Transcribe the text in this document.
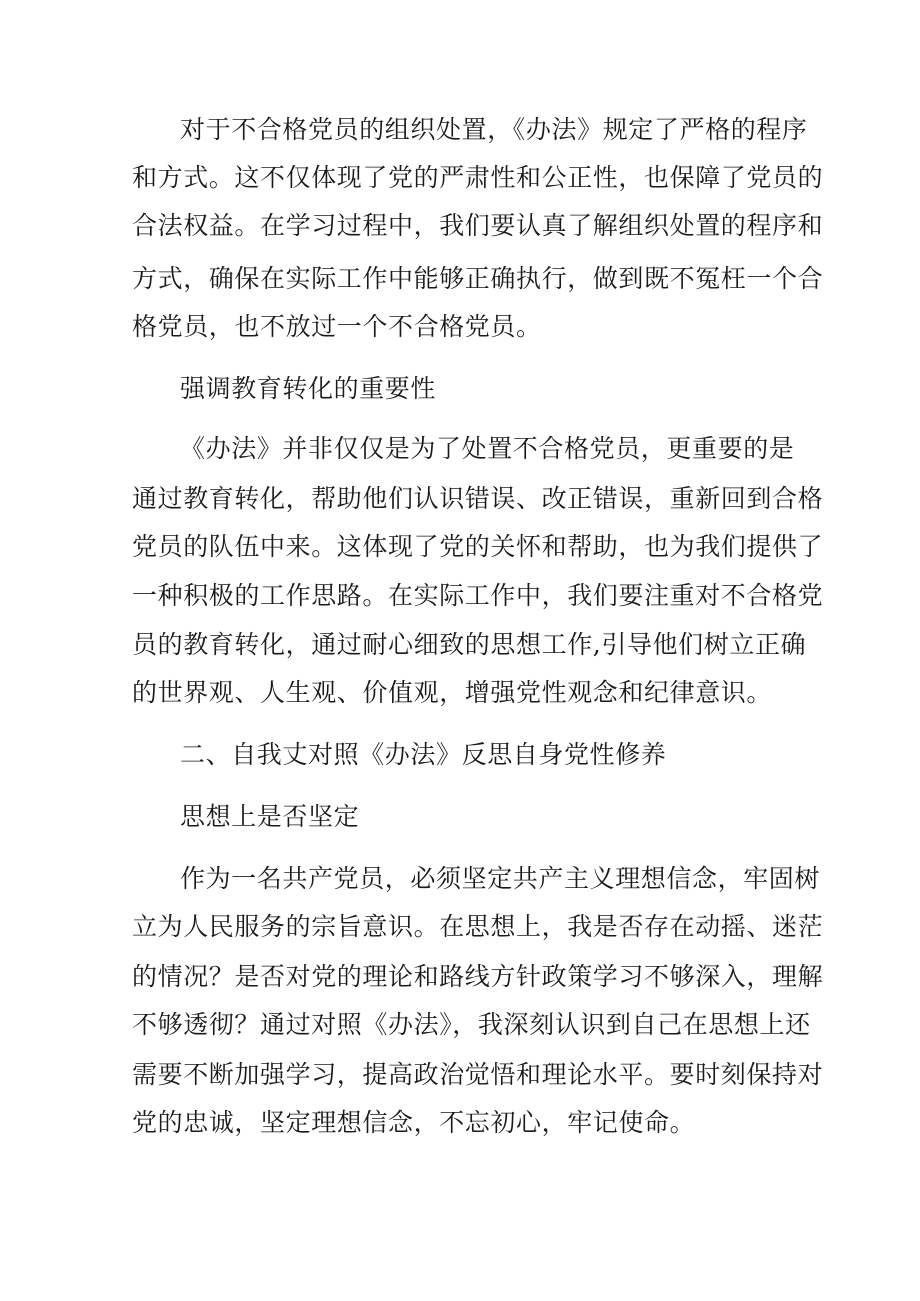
对于不合格党员的组织处置，《办法》规定了严格的程序
和方式。这不仅体现了党的严肃性和公正性，也保障了党员的
合法权益。在学习过程中，我们要认真了解组织处置的程序和
方式，确保在实际工作中能够正确执行，做到既不冤枉一个合
格党员，也不放过一个不合格党员。
强调教育转化的重要性
《办法》并非仅仅是为了处置不合格党员，更重要的是
通过教育转化，帮助他们认识错误、改正错误，重新回到合格
党员的队伍中来。这体现了党的关怀和帮助，也为我们提供了
一种积极的工作思路。在实际工作中，我们要注重对不合格党
员的教育转化，通过耐心细致的思想工作,引导他们树立正确
的世界观、人生观、价值观，增强党性观念和纪律意识。
二、自我丈对照《办法》反思自身党性修养
思想上是否坚定
作为一名共产党员，必须坚定共产主义理想信念，牢固树
立为人民服务的宗旨意识。在思想上，我是否存在动摇、迷茫
的情况？是否对党的理论和路线方针政策学习不够深入，理解
不够透彻？通过对照《办法》，我深刻认识到自己在思想上还
需要不断加强学习，提高政治觉悟和理论水平。要时刻保持对
党的忠诚，坚定理想信念，不忘初心，牢记使命。
